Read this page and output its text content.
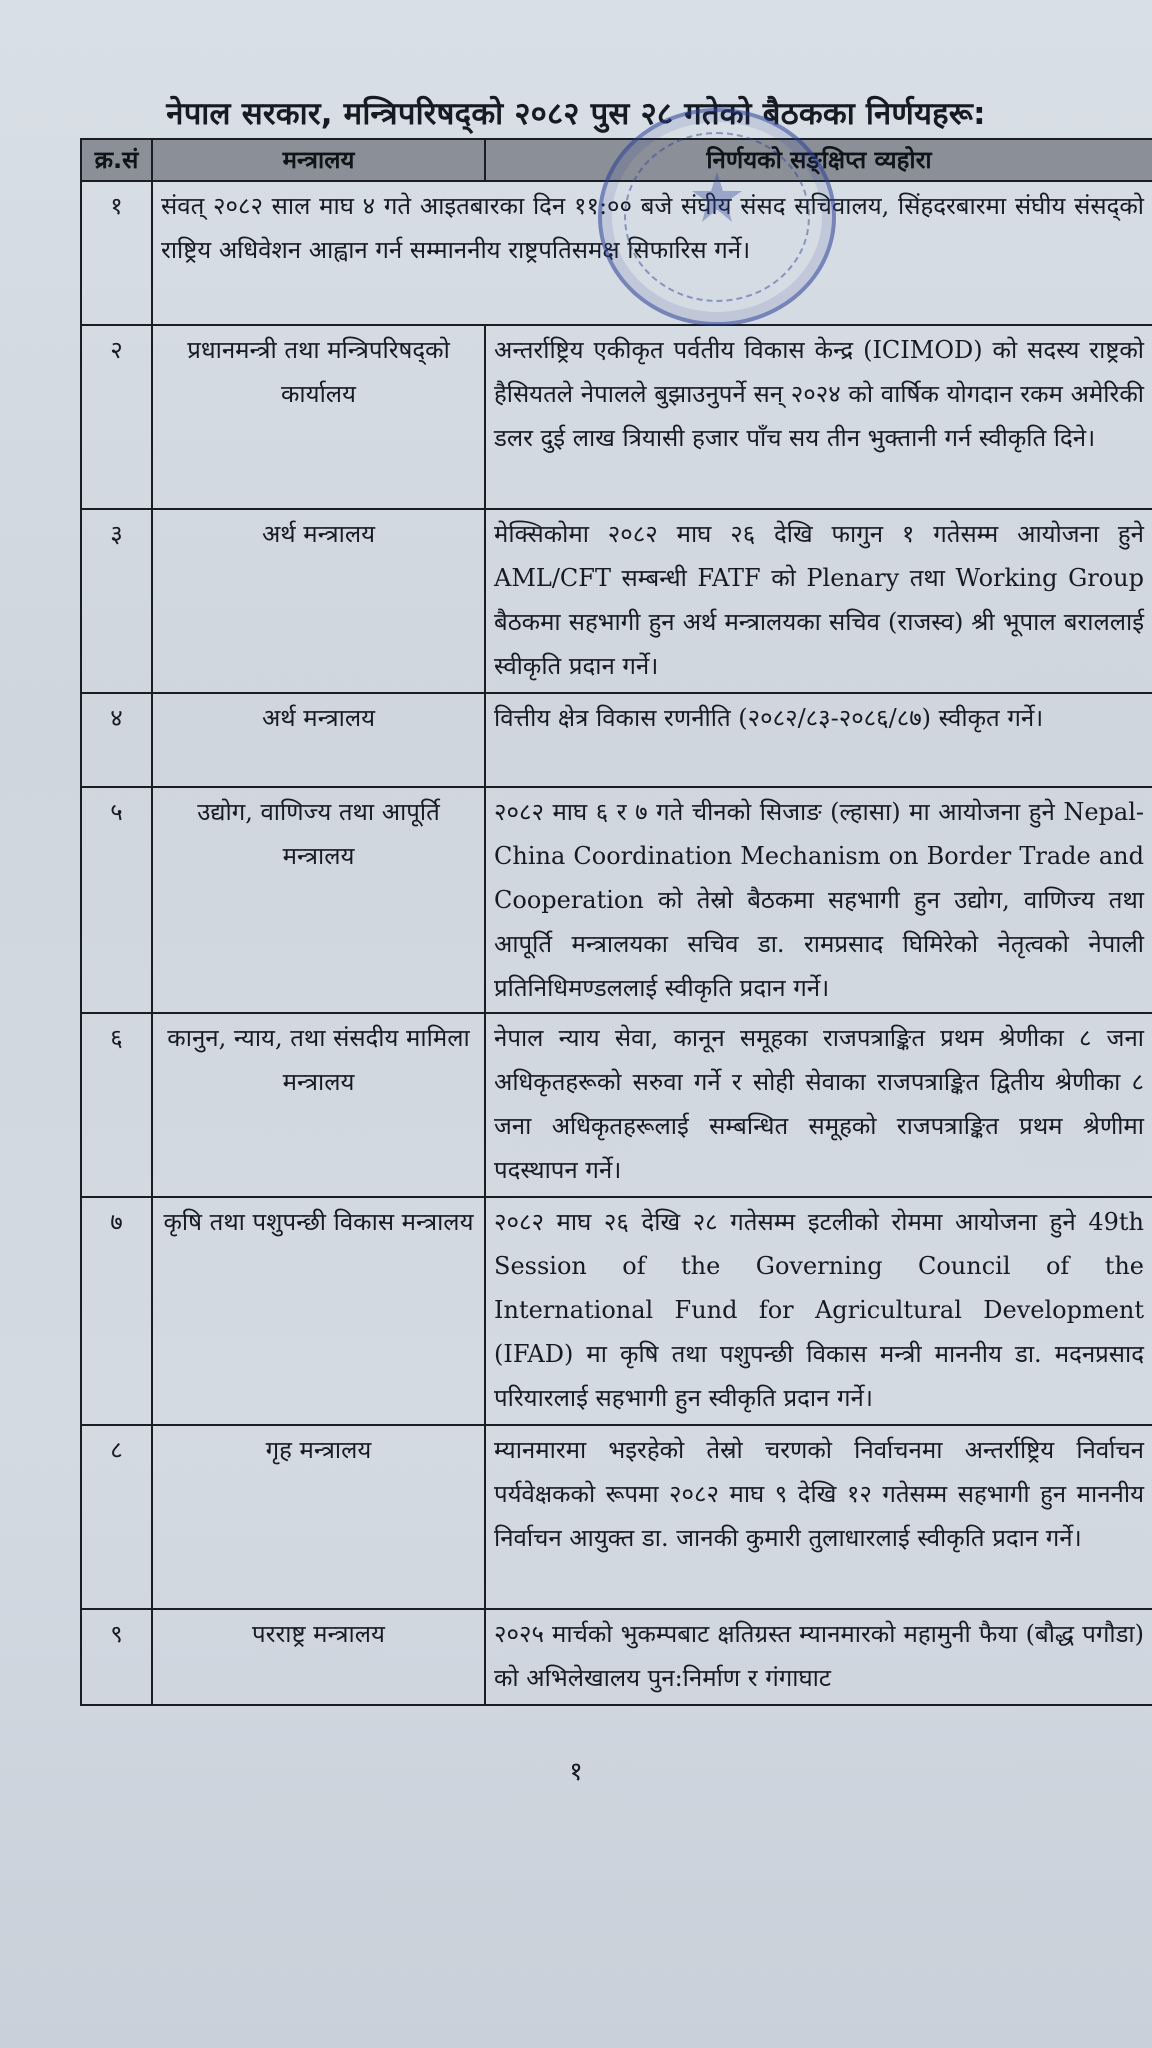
नेपाल सरकार, मन्त्रिपरिषद्को २०८२ पुस २८ गतेको बैठकका निर्णयहरू:
क्र.सं	मन्त्रालय	निर्णयको सङ्क्षिप्त व्यहोरा
१	संवत् २०८२ साल माघ ४ गते आइतबारका दिन ११:०० बजे संघीय संसद सचिवालय, सिंहदरबारमा संघीय संसद्को राष्ट्रिय अधिवेशन आह्वान गर्न सम्माननीय राष्ट्रपतिसमक्ष सिफारिस गर्ने।	
२	प्रधानमन्त्री तथा मन्त्रिपरिषद्को कार्यालय	अन्तर्राष्ट्रिय एकीकृत पर्वतीय विकास केन्द्र (ICIMOD) को सदस्य राष्ट्रको हैसियतले नेपालले बुझाउनुपर्ने सन् २०२४ को वार्षिक योगदान रकम अमेरिकी डलर दुई लाख त्रियासी हजार पाँच सय तीन भुक्तानी गर्न स्वीकृति दिने।
३	अर्थ मन्त्रालय	मेक्सिकोमा २०८२ माघ २६ देखि फागुन १ गतेसम्म आयोजना हुने AML/CFT सम्बन्धी FATF को Plenary तथा Working Group बैठकमा सहभागी हुन अर्थ मन्त्रालयका सचिव (राजस्व) श्री भूपाल बराललाई स्वीकृति प्रदान गर्ने।
४	अर्थ मन्त्रालय	वित्तीय क्षेत्र विकास रणनीति (२०८२/८३-२०८६/८७) स्वीकृत गर्ने।
५	उद्योग, वाणिज्य तथा आपूर्ति मन्त्रालय	२०८२ माघ ६ र ७ गते चीनको सिजाङ (ल्हासा) मा आयोजना हुने Nepal-China Coordination Mechanism on Border Trade and Cooperation को तेस्रो बैठकमा सहभागी हुन उद्योग, वाणिज्य तथा आपूर्ति मन्त्रालयका सचिव डा. रामप्रसाद घिमिरेको नेतृत्वको नेपाली प्रतिनिधिमण्डललाई स्वीकृति प्रदान गर्ने।
६	कानुन, न्याय, तथा संसदीय मामिला मन्त्रालय	नेपाल न्याय सेवा, कानून समूहका राजपत्राङ्कित प्रथम श्रेणीका ८ जना अधिकृतहरूको सरुवा गर्ने र सोही सेवाका राजपत्राङ्कित द्वितीय श्रेणीका ८ जना अधिकृतहरूलाई सम्बन्धित समूहको राजपत्राङ्कित प्रथम श्रेणीमा पदस्थापन गर्ने।
७	कृषि तथा पशुपन्छी विकास मन्त्रालय	२०८२ माघ २६ देखि २८ गतेसम्म इटलीको रोममा आयोजना हुने 49th Session of the Governing Council of the International Fund for Agricultural Development (IFAD) मा कृषि तथा पशुपन्छी विकास मन्त्री माननीय डा. मदनप्रसाद परियारलाई सहभागी हुन स्वीकृति प्रदान गर्ने।
८	गृह मन्त्रालय	म्यानमारमा भइरहेको तेस्रो चरणको निर्वाचनमा अन्तर्राष्ट्रिय निर्वाचन पर्यवेक्षकको रूपमा २०८२ माघ ९ देखि १२ गतेसम्म सहभागी हुन माननीय निर्वाचन आयुक्त डा. जानकी कुमारी तुलाधारलाई स्वीकृति प्रदान गर्ने।
९	परराष्ट्र मन्त्रालय	२०२५ मार्चको भुकम्पबाट क्षतिग्रस्त म्यानमारको महामुनी फैया (बौद्ध पगौडा) को अभिलेखालय पुन:निर्माण र गंगाघाट
१
